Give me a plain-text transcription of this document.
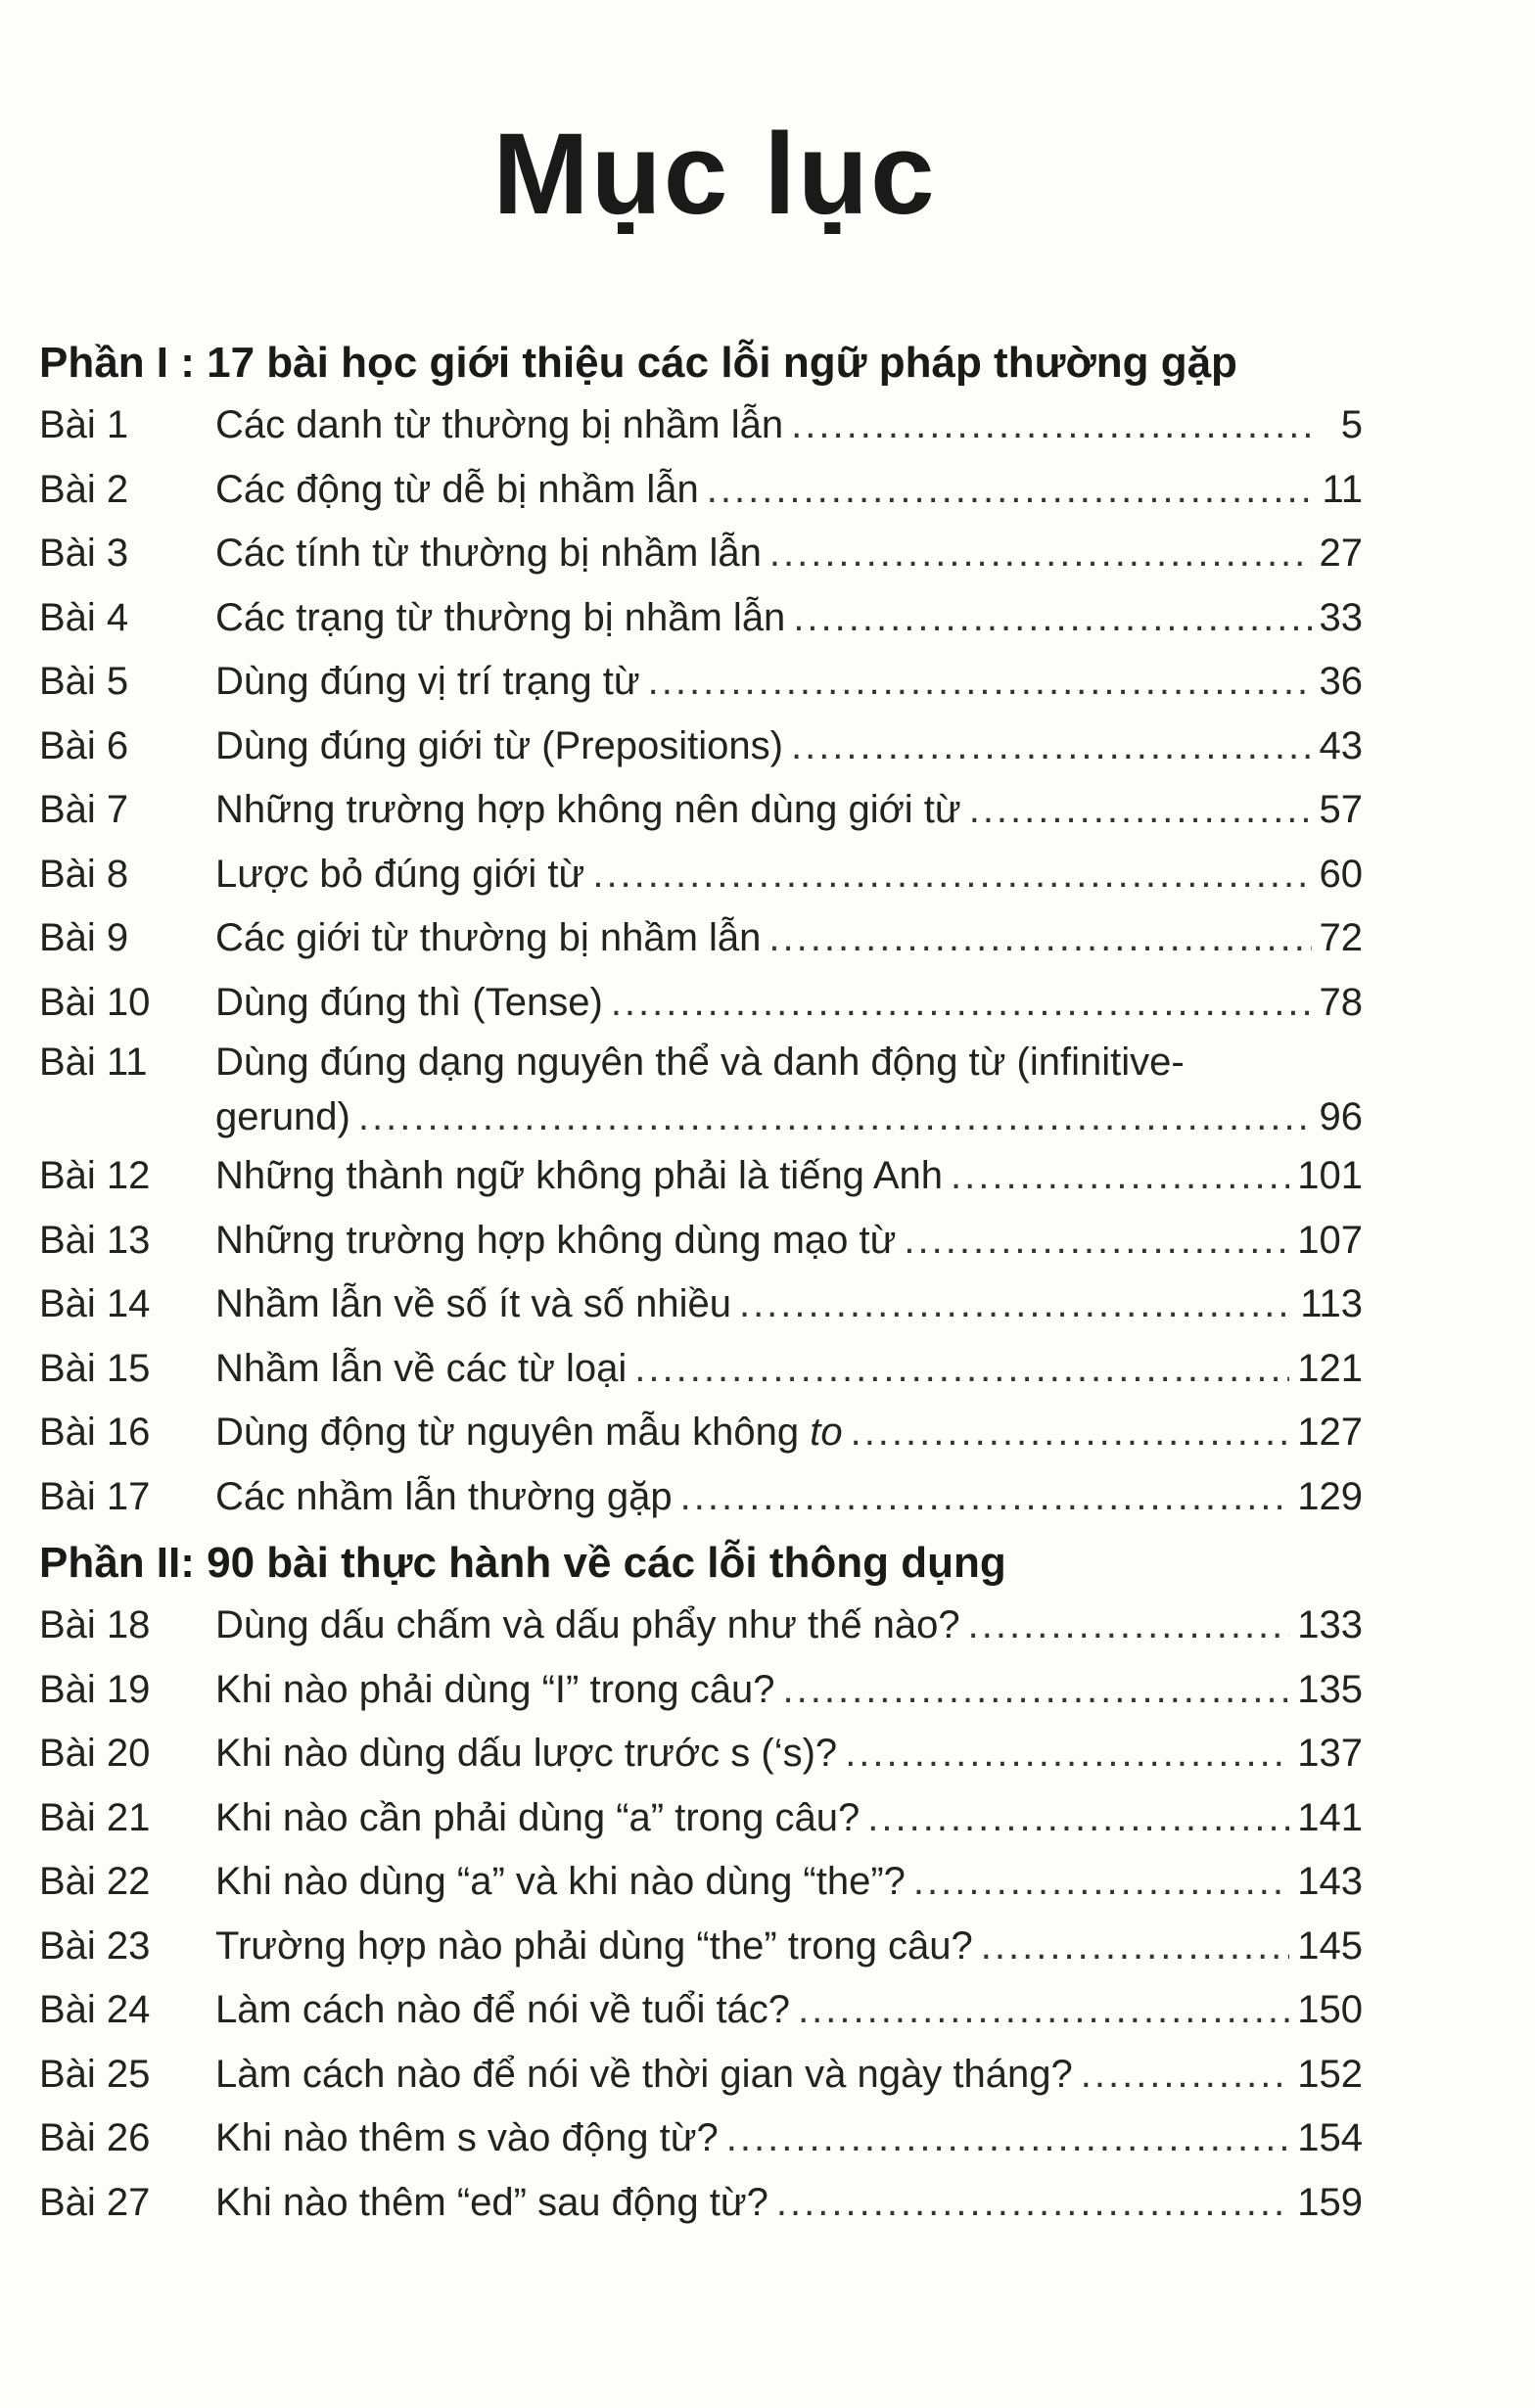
Mục lục
Phần I : 17 bài học giới thiệu các lỗi ngữ pháp thường gặp
Bài 1	Các danh từ thường bị nhầm lẫn .....	5
Bài 2	Các động từ dễ bị nhầm lẫn .....	11
Bài 3	Các tính từ thường bị nhầm lẫn .....	27
Bài 4	Các trạng từ thường bị nhầm lẫn .....	33
Bài 5	Dùng đúng vị trí trạng từ .....	36
Bài 6	Dùng đúng giới từ (Prepositions) .....	43
Bài 7	Những trường hợp không nên dùng giới từ .....	57
Bài 8	Lược bỏ đúng giới từ .....	60
Bài 9	Các giới từ thường bị nhầm lẫn .....	72
Bài 10	Dùng đúng thì (Tense) .....	78
Bài 11	Dùng đúng dạng nguyên thể và danh động từ (infinitive-
gerund) .....	96
Bài 12	Những thành ngữ không phải là tiếng Anh .....	101
Bài 13	Những trường hợp không dùng mạo từ .....	107
Bài 14	Nhầm lẫn về số ít và số nhiều .....	113
Bài 15	Nhầm lẫn về các từ loại .....	121
Bài 16	Dùng động từ nguyên mẫu không to .....	127
Bài 17	Các nhầm lẫn thường gặp .....	129
Phần II: 90 bài thực hành về các lỗi thông dụng
Bài 18	Dùng dấu chấm và dấu phẩy như thế nào? .....	133
Bài 19	Khi nào phải dùng “I” trong câu? .....	135
Bài 20	Khi nào dùng dấu lược trước s (‘s)? .....	137
Bài 21	Khi nào cần phải dùng “a” trong câu? .....	141
Bài 22	Khi nào dùng “a” và khi nào dùng “the”? .....	143
Bài 23	Trường hợp nào phải dùng “the” trong câu? .....	145
Bài 24	Làm cách nào để nói về tuổi tác? .....	150
Bài 25	Làm cách nào để nói về thời gian và ngày tháng? .....	152
Bài 26	Khi nào thêm s vào động từ? .....	154
Bài 27	Khi nào thêm “ed” sau động từ? .....	159
